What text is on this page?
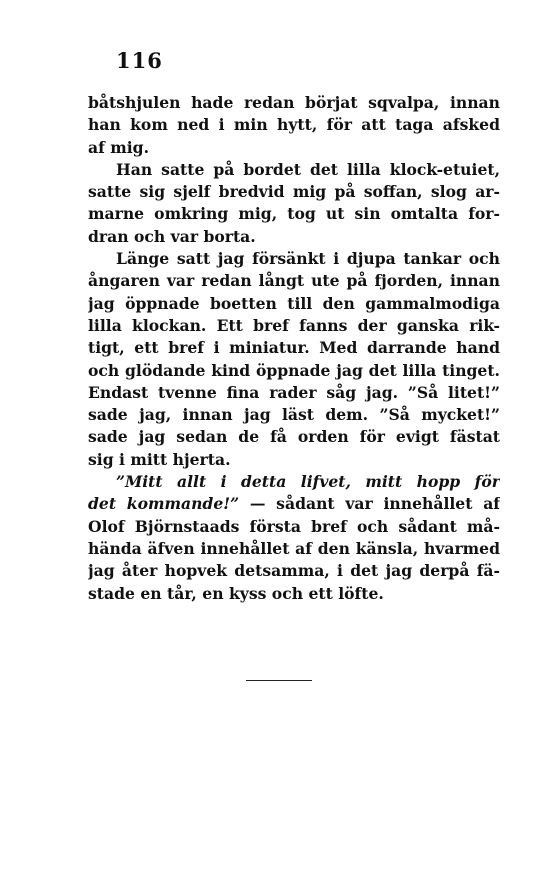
116
båtshjulen hade redan börjat sqvalpa, innan
han kom ned i min hytt, för att taga afsked
af mig.
Han satte på bordet det lilla klock-etuiet,
satte sig sjelf bredvid mig på soffan, slog ar-
marne omkring mig, tog ut sin omtalta for-
dran och var borta.
Länge satt jag försänkt i djupa tankar och
ångaren var redan långt ute på fjorden, innan
jag öppnade boetten till den gammalmodiga
lilla klockan. Ett bref fanns der ganska rik-
tigt, ett bref i miniatur. Med darrande hand
och glödande kind öppnade jag det lilla tinget.
Endast tvenne fina rader såg jag. ”Så litet!”
sade jag, innan jag läst dem. ”Så mycket!”
sade jag sedan de få orden för evigt fästat
sig i mitt hjerta.
”Mitt allt i detta lifvet, mitt hopp för
det kommande!” — sådant var innehållet af
Olof Björnstaads första bref och sådant må-
hända äfven innehållet af den känsla, hvarmed
jag åter hopvek detsamma, i det jag derpå fä-
stade en tår, en kyss och ett löfte.
